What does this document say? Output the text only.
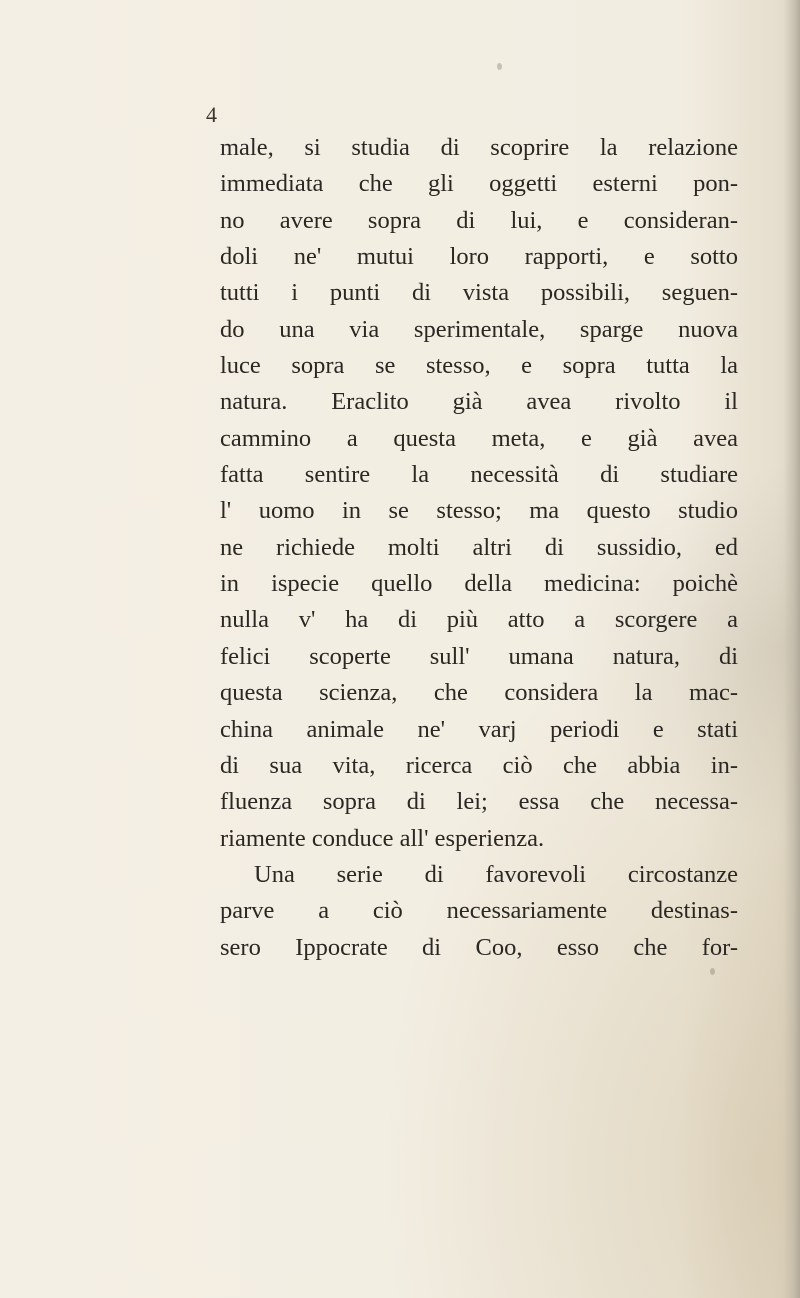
4
male, si studia di scoprire la relazione
immediata che gli oggetti esterni pon-
no avere sopra di lui, e consideran-
doli ne' mutui loro rapporti, e sotto
tutti i punti di vista possibili, seguen-
do una via sperimentale, sparge nuova
luce sopra se stesso, e sopra tutta la
natura. Eraclito già avea rivolto il
cammino a questa meta, e già avea
fatta sentire la necessità di studiare
l' uomo in se stesso; ma questo studio
ne richiede molti altri di sussidio, ed
in ispecie quello della medicina: poichè
nulla v' ha di più atto a scorgere a
felici scoperte sull' umana natura, di
questa scienza, che considera la mac-
china animale ne' varj periodi e stati
di sua vita, ricerca ciò che abbia in-
fluenza sopra di lei; essa che necessa-
riamente conduce all' esperienza.
Una serie di favorevoli circostanze
parve a ciò necessariamente destinas-
sero Ippocrate di Coo, esso che for-
